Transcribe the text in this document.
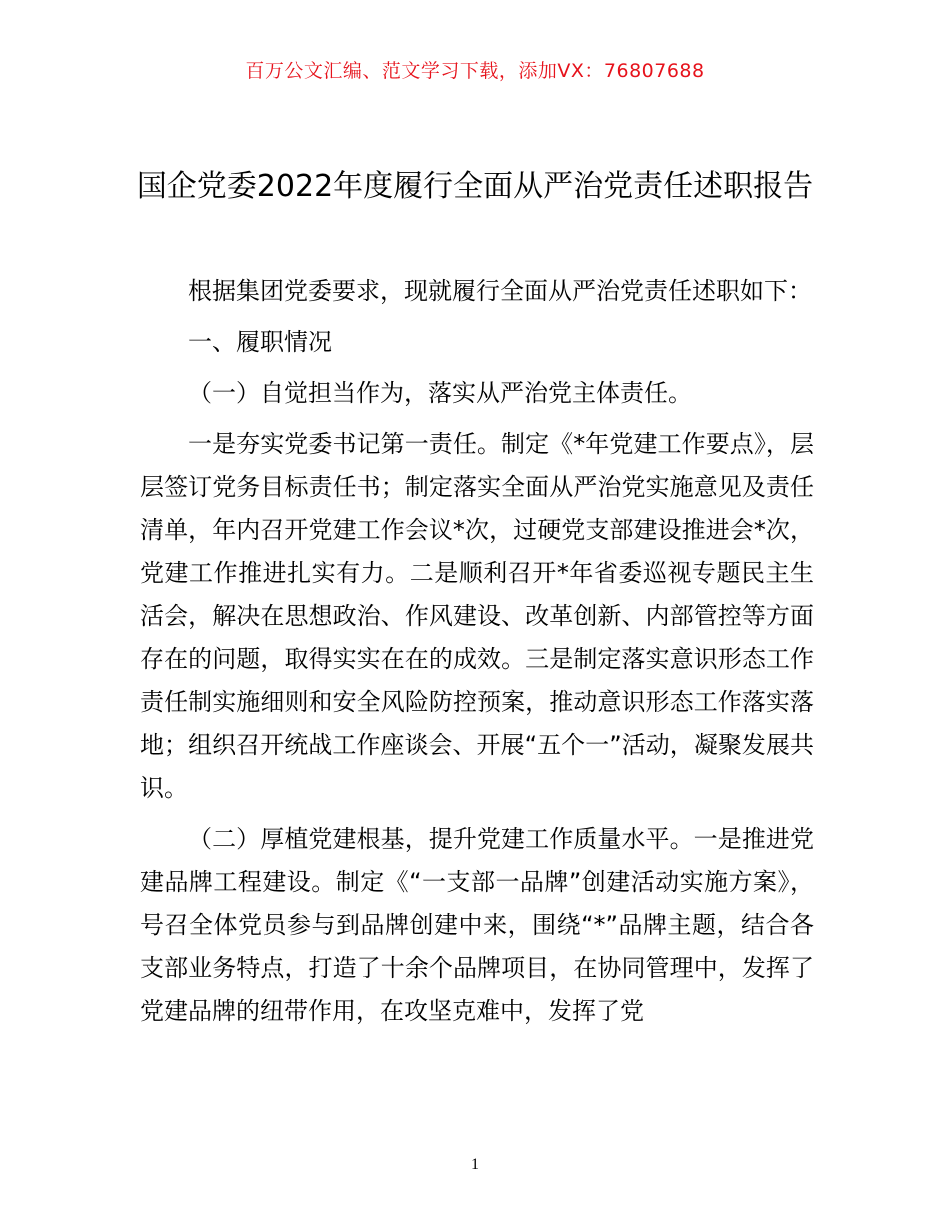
百万公文汇编、范文学习下载，添加VX：76807688
国企党委2022年度履行全面从严治党责任述职报告

根据集团党委要求，现就履行全面从严治党责任述职如下：

一、履职情况

（一）自觉担当作为，落实从严治党主体责任。

一是夯实党委书记第一责任。制定《*年党建工作要点》，层层签订党务目标责任书；制定落实全面从严治党实施意见及责任清单，年内召开党建工作会议*次，过硬党支部建设推进会*次，党建工作推进扎实有力。二是顺利召开*年省委巡视专题民主生活会，解决在思想政治、作风建设、改革创新、内部管控等方面存在的问题，取得实实在在的成效。三是制定落实意识形态工作责任制实施细则和安全风险防控预案，推动意识形态工作落实落地；组织召开统战工作座谈会、开展“五个一”活动，凝聚发展共识。

（二）厚植党建根基，提升党建工作质量水平。一是推进党建品牌工程建设。制定《“一支部一品牌”创建活动实施方案》，号召全体党员参与到品牌创建中来，围绕“*”品牌主题，结合各支部业务特点，打造了十余个品牌项目，在协同管理中，发挥了党建品牌的纽带作用，在攻坚克难中，发挥了党

1
